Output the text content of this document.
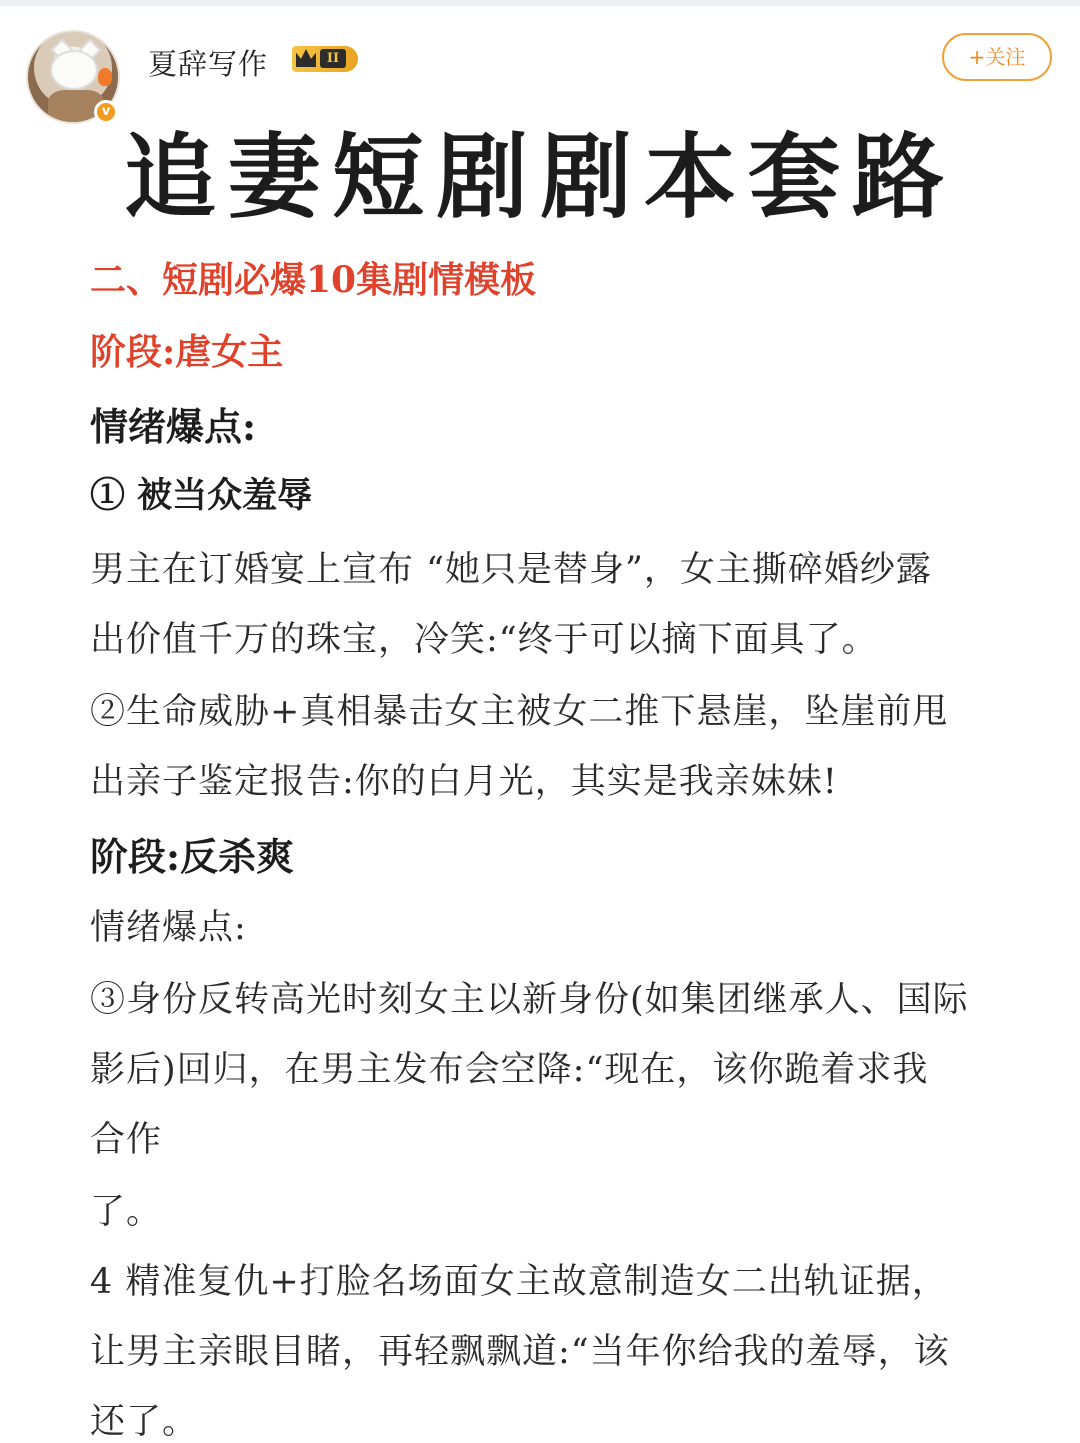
v
夏辞写作	II	+关注
追妻短剧剧本套路
二、短剧必爆10集剧情模板
阶段:虐女主
情绪爆点:
① 被当众羞辱
男主在订婚宴上宣布 “她只是替身”，女主撕碎婚纱露
出价值千万的珠宝，冷笑:“终于可以摘下面具了。
②生命威胁+真相暴击女主被女二推下悬崖，坠崖前甩
出亲子鉴定报告:你的白月光，其实是我亲妹妹!
阶段:反杀爽
情绪爆点:
③身份反转高光时刻女主以新身份(如集团继承人、国际
影后)回归，在男主发布会空降:“现在，该你跪着求我
合作
了。
4 精准复仇+打脸名场面女主故意制造女二出轨证据，
让男主亲眼目睹，再轻飘飘道:“当年你给我的羞辱，该
还了。
